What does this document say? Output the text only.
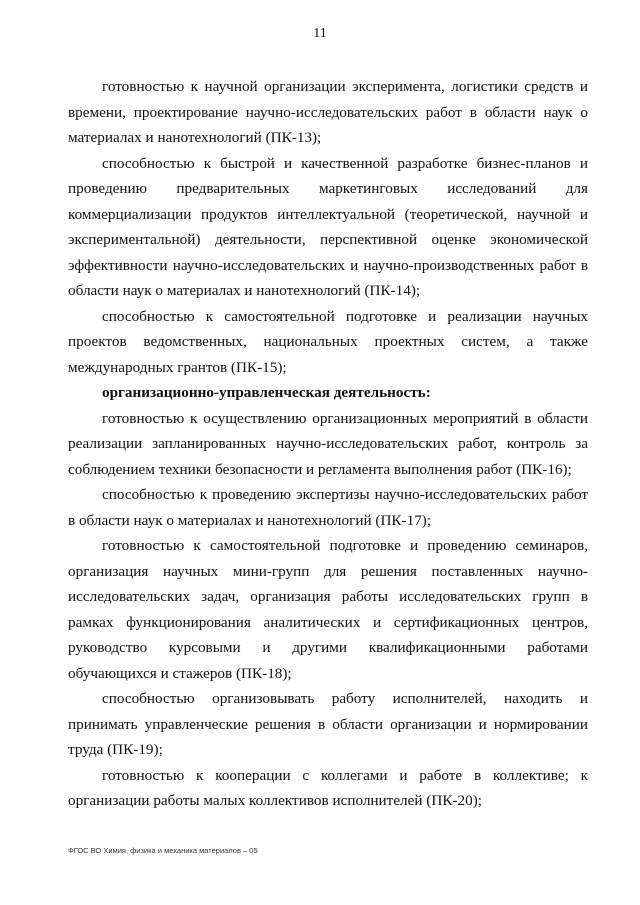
11

готовностью к научной организации эксперимента, логистики средств и времени, проектирование научно-исследовательских работ в области наук о материалах и нанотехнологий (ПК-13);

способностью к быстрой и качественной разработке бизнес-планов и проведению предварительных маркетинговых исследований для коммерциализации продуктов интеллектуальной (теоретической, научной и экспериментальной) деятельности, перспективной оценке экономической эффективности научно-исследовательских и научно-производственных работ в области наук о материалах и нанотехнологий (ПК-14);

способностью к самостоятельной подготовке и реализации научных проектов ведомственных, национальных проектных систем, а также международных грантов (ПК-15);

организационно-управленческая деятельность:

готовностью к осуществлению организационных мероприятий в области реализации запланированных научно-исследовательских работ, контроль за соблюдением техники безопасности и регламента выполнения работ (ПК-16);

способностью к проведению экспертизы научно-исследовательских работ в области наук о материалах и нанотехнологий (ПК-17);

готовностью к самостоятельной подготовке и проведению семинаров, организация научных мини-групп для решения поставленных научно-исследовательских задач, организация работы исследовательских групп в рамках функционирования аналитических и сертификационных центров, руководство курсовыми и другими квалификационными работами обучающихся и стажеров (ПК-18);

способностью организовывать работу исполнителей, находить и принимать управленческие решения в области организации и нормировании труда (ПК-19);

готовностью к кооперации с коллегами и работе в коллективе; к организации работы малых коллективов исполнителей (ПК-20);

ФГОС ВО Химия, физика и механика материалов – 05
